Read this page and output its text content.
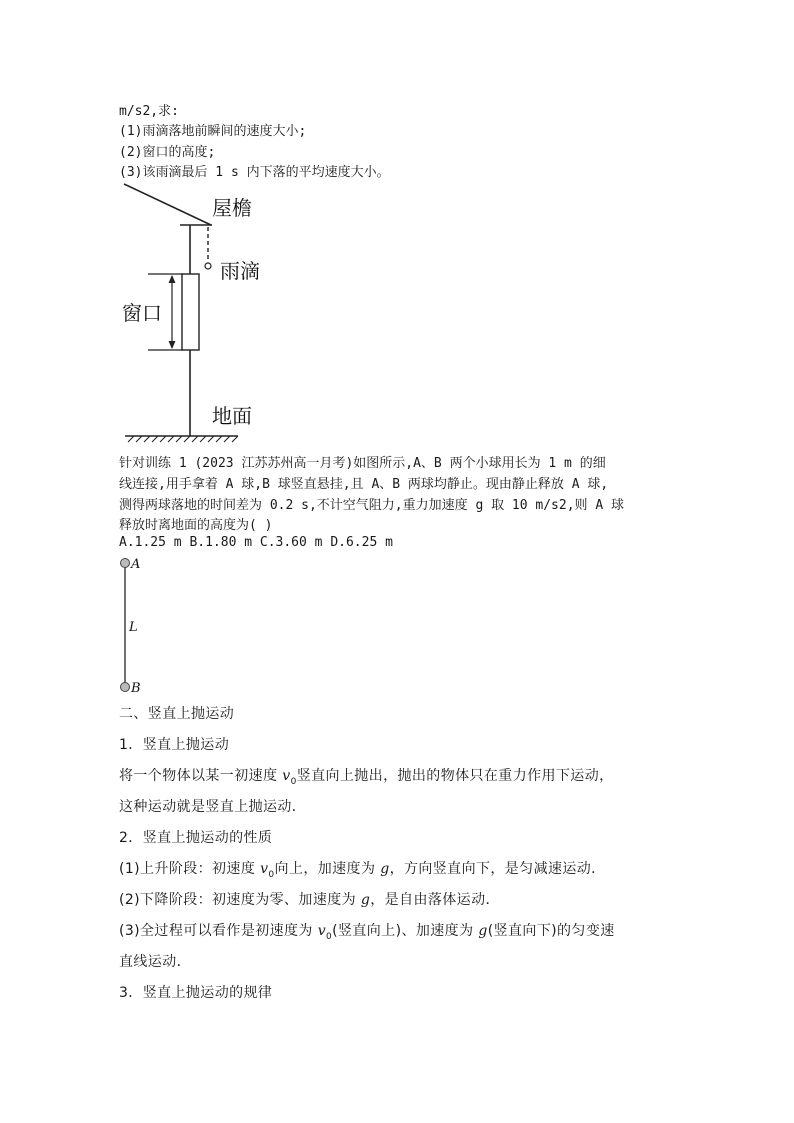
m/s2,求:
(1)雨滴落地前瞬间的速度大小;
(2)窗口的高度;
(3)该雨滴最后 1 s 内下落的平均速度大小。
屋檐
雨滴
窗口
地面
A
L
B
针对训练 1 (2023 江苏苏州高一月考)如图所示,A、B 两个小球用长为 1 m 的细
线连接,用手拿着 A 球,B 球竖直悬挂,且 A、B 两球均静止。现由静止释放 A 球,
测得两球落地的时间差为 0.2 s,不计空气阻力,重力加速度 g 取 10 m/s2,则 A 球
释放时离地面的高度为( )
A.1.25 m B.1.80 m C.3.60 m D.6.25 m
二、竖直上抛运动
1．竖直上抛运动
将一个物体以某一初速度 $v_0$竖直向上抛出，抛出的物体只在重力作用下运动，
这种运动就是竖直上抛运动．
2．竖直上抛运动的性质
(1)上升阶段：初速度 $v_0$向上，加速度为 g，方向竖直向下，是匀减速运动．
(2)下降阶段：初速度为零、加速度为 g，是自由落体运动．
(3)全过程可以看作是初速度为 $v_0$(竖直向上)、加速度为 g(竖直向下)的匀变速
直线运动．
3．竖直上抛运动的规律
